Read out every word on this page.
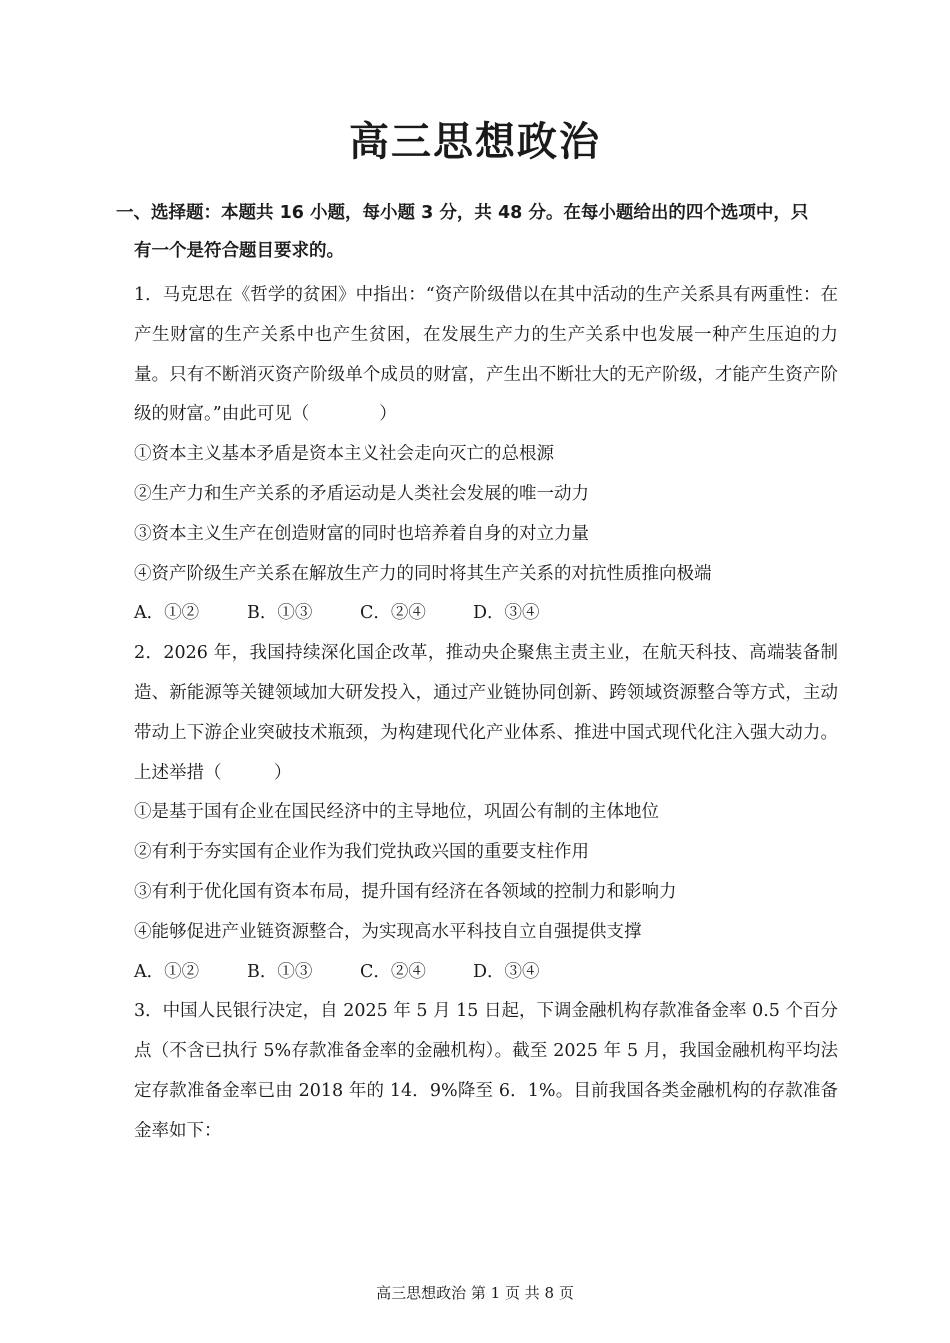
高三思想政治
一、选择题：本题共 16 小题，每小题 3 分，共 48 分。在每小题给出的四个选项中，只
有一个是符合题目要求的。
1．马克思在《哲学的贫困》中指出：“资产阶级借以在其中活动的生产关系具有两重性：在产生财富的生产关系中也产生贫困，在发展生产力的生产关系中也发展一种产生压迫的力量。只有不断消灭资产阶级单个成员的财富，产生出不断壮大的无产阶级，才能产生资产阶级的财富。”由此可见（　　　　）
①资本主义基本矛盾是资本主义社会走向灭亡的总根源
②生产力和生产关系的矛盾运动是人类社会发展的唯一动力
③资本主义生产在创造财富的同时也培养着自身的对立力量
④资产阶级生产关系在解放生产力的同时将其生产关系的对抗性质推向极端
A．①②	B．①③	C．②④	D．③④
2．2026 年，我国持续深化国企改革，推动央企聚焦主责主业，在航天科技、高端装备制造、新能源等关键领域加大研发投入，通过产业链协同创新、跨领域资源整合等方式，主动带动上下游企业突破技术瓶颈，为构建现代化产业体系、推进中国式现代化注入强大动力。上述举措（　　　）
①是基于国有企业在国民经济中的主导地位，巩固公有制的主体地位
②有利于夯实国有企业作为我们党执政兴国的重要支柱作用
③有利于优化国有资本布局，提升国有经济在各领域的控制力和影响力
④能够促进产业链资源整合，为实现高水平科技自立自强提供支撑
A．①②	B．①③	C．②④	D．③④
3．中国人民银行决定，自 2025 年 5 月 15 日起，下调金融机构存款准备金率 0.5 个百分点（不含已执行 5%存款准备金率的金融机构）。截至 2025 年 5 月，我国金融机构平均法定存款准备金率已由 2018 年的 14．9%降至 6．1%。目前我国各类金融机构的存款准备金率如下：
高三思想政治 第 1 页 共 8 页
